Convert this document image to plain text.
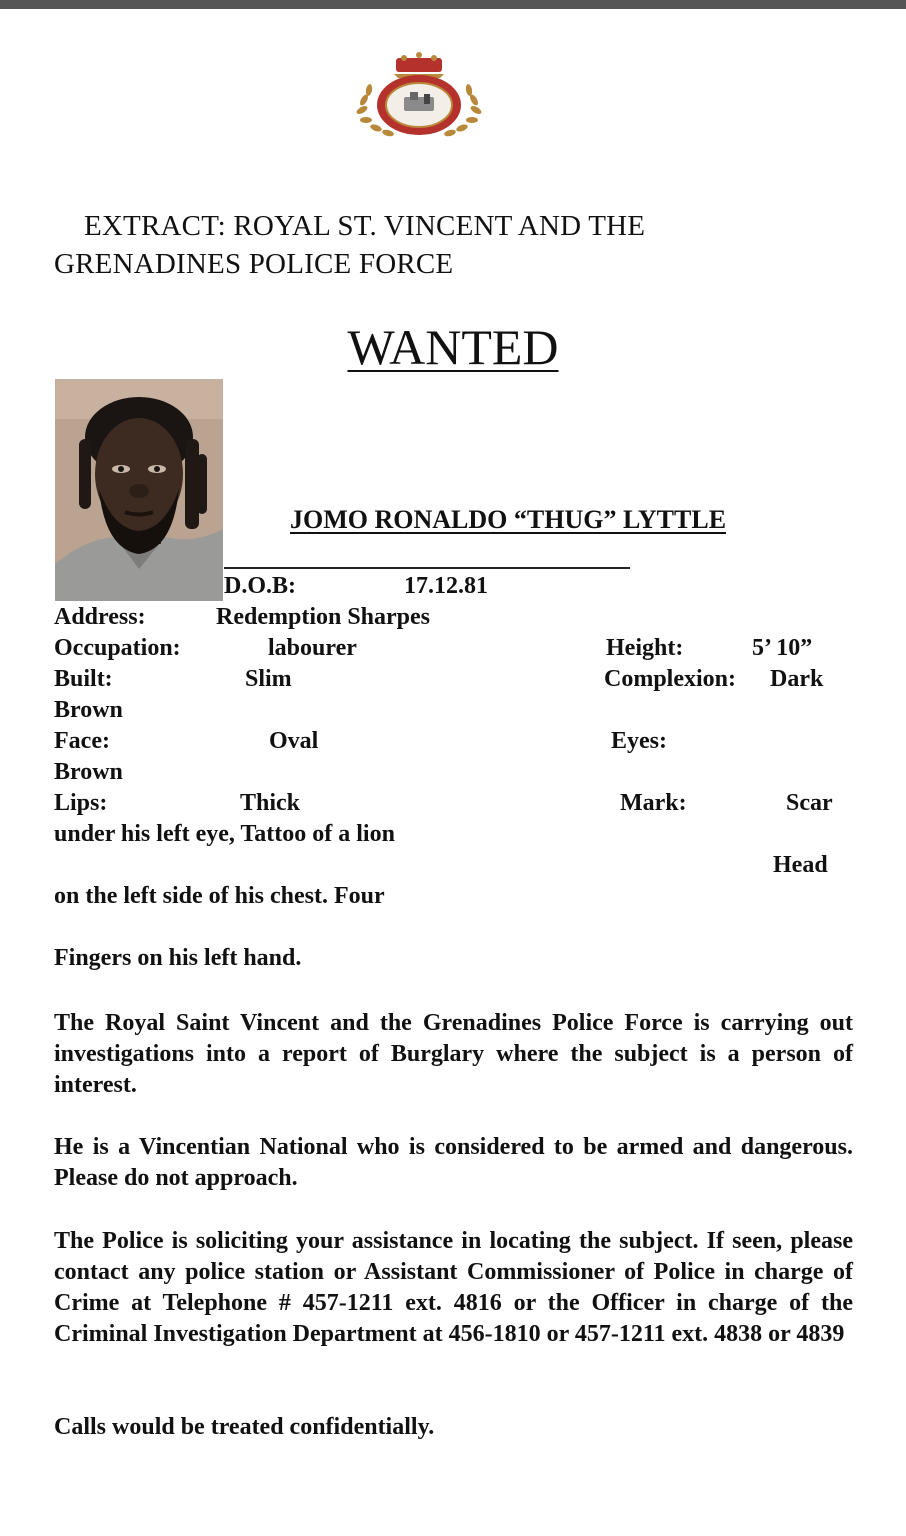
EXTRACT: ROYAL ST. VINCENT AND THE
GRENADINES POLICE FORCE
WANTED
JOMO RONALDO “THUG” LYTTLE
D.O.B:	17.12.81
Address:	Redemption Sharpes
Occupation:	labourer	Height:	5’ 10”
Built:	Slim	Complexion: Dark
Brown
Face:	Oval	Eyes:
Brown
Lips:	Thick	Mark:	Scar
under his left eye, Tattoo of a lion
Head
on the left side of his chest. Four
Fingers on his left hand.
The Royal Saint Vincent and the Grenadines Police Force is carrying out investigations into a report of Burglary where the subject is a person of interest.
He is a Vincentian National who is considered to be armed and dangerous. Please do not approach.
The Police is soliciting your assistance in locating the subject. If seen, please contact any police station or Assistant Commissioner of Police in charge of Crime at Telephone # 457-1211 ext. 4816 or the Officer in charge of the Criminal Investigation Department at 456-1810 or 457-1211 ext. 4838 or 4839
Calls would be treated confidentially.
